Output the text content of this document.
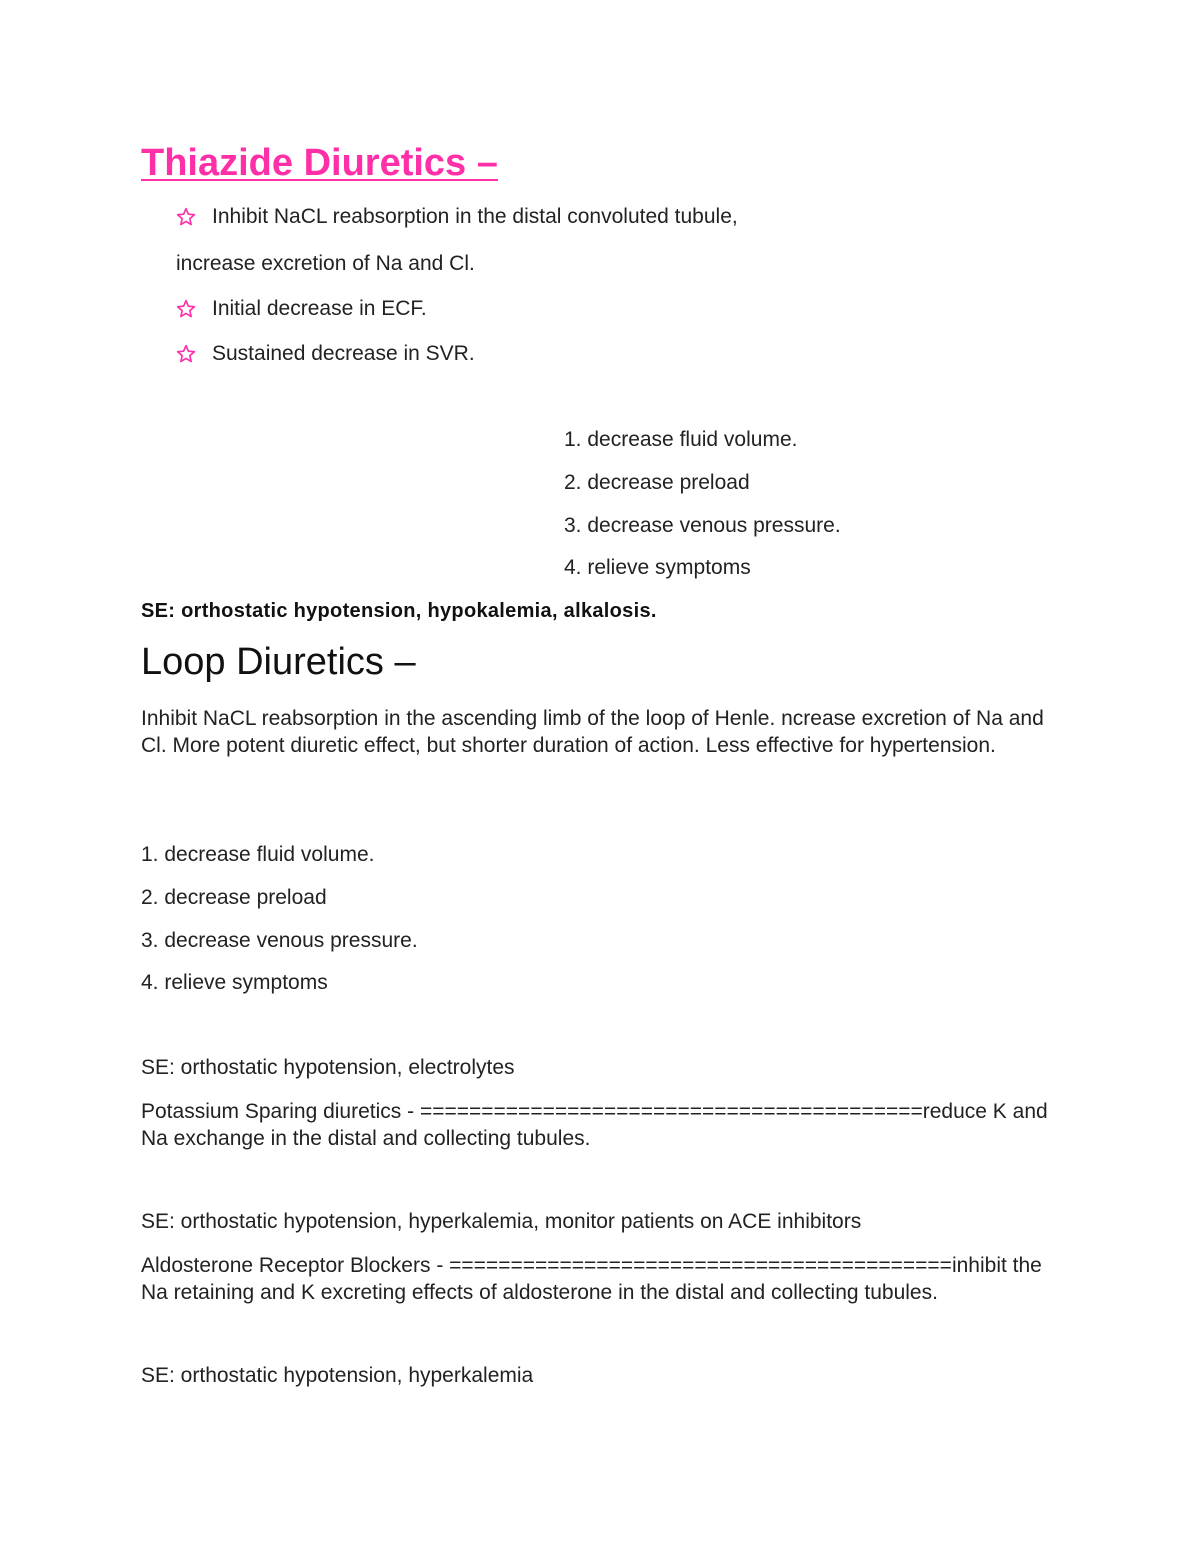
Thiazide Diuretics –
Inhibit NaCL reabsorption in the distal convoluted tubule,
increase excretion of Na and Cl.
Initial decrease in ECF.
Sustained decrease in SVR.
1. decrease fluid volume.
2. decrease preload
3. decrease venous pressure.
4. relieve symptoms
SE: orthostatic hypotension, hypokalemia, alkalosis.
Loop Diuretics –
Inhibit NaCL reabsorption in the ascending limb of the loop of Henle. ncrease excretion of Na and Cl. More potent diuretic effect, but shorter duration of action. Less effective for hypertension.
1. decrease fluid volume.
2. decrease preload
3. decrease venous pressure.
4. relieve symptoms
SE: orthostatic hypotension, electrolytes
Potassium Sparing diuretics - =========================================reduce K and Na exchange in the distal and collecting tubules.
SE: orthostatic hypotension, hyperkalemia, monitor patients on ACE inhibitors
Aldosterone Receptor Blockers - =========================================inhibit the Na retaining and K excreting effects of aldosterone in the distal and collecting tubules.
SE: orthostatic hypotension, hyperkalemia
